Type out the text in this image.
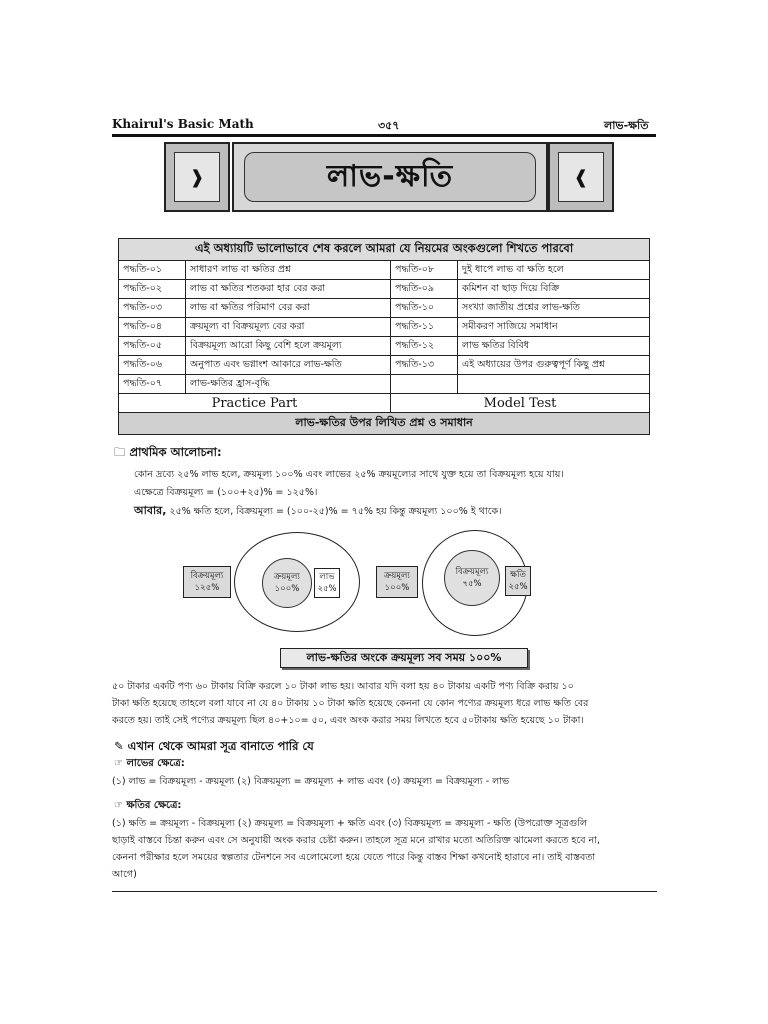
Khairul's Basic Math	৩৫৭	লাভ-ক্ষতি
❱	লাভ-ক্ষতি	❰
এই অধ্যায়টি ভালোভাবে শেষ করলে আমরা যে নিয়মের অংকগুলো শিখতে পারবো			
পদ্ধতি-০১	সাধারণ লাভ বা ক্ষতির প্রশ্ন	পদ্ধতি-০৮	দুই ধাপে লাভ বা ক্ষতি হলে
পদ্ধতি-০২	লাভ বা ক্ষতির শতকরা হার বের করা	পদ্ধতি-০৯	কমিশন বা ছাড় দিয়ে বিক্রি
পদ্ধতি-০৩	লাভ বা ক্ষতির পরিমাণ বের করা	পদ্ধতি-১০	সংখ্যা জাতীয় প্রশ্নের লাভ-ক্ষতি
পদ্ধতি-০৪	ক্রয়মূল্য বা বিক্রয়মূল্য বের করা	পদ্ধতি-১১	সমীকরণ সাজিয়ে সমাধান
পদ্ধতি-০৫	বিক্রয়মূল্য আরো কিছু বেশি হলে ক্রয়মূল্য	পদ্ধতি-১২	লাভ ক্ষতির বিবিধ
পদ্ধতি-০৬	অনুপাত এবং ভগ্নাংশ আকারে লাভ-ক্ষতি	পদ্ধতি-১৩	এই অধ্যায়ের উপর গুরুত্বপূর্ণ কিছু প্রশ্ন
পদ্ধতি-০৭	লাভ-ক্ষতির হ্রাস-বৃদ্ধি		
Practice Part		Model Test	
লাভ-ক্ষতির উপর লিখিত প্রশ্ন ও সমাধান			
🗀 প্রাথমিক আলোচনা:
কোন দ্রব্যে ২৫% লাভ হলে, ক্রয়মূল্য ১০০% এবং লাভের ২৫% ক্রয়মূল্যের সাথে যুক্ত হয়ে তা বিক্রয়মূল্য হয়ে যায়।
এক্ষেত্রে বিক্রয়মূল্য = (১০০+২৫)% = ১২৫%।
আবার, ২৫% ক্ষতি হলে, বিক্রয়মূল্য = (১০০-২৫)% = ৭৫% হয় কিন্তু ক্রয়মূল্য ১০০% ই থাকে।
ক্রয়মূল্য
১০০%
লাভ
২৫%
বিক্রয়মূল্য
১২৫%
বিক্রয়মূল্য
৭৫%
ক্রয়মূল্য
১০০%
ক্ষতি
২৫%
লাভ-ক্ষতির অংকে ক্রয়মূল্য সব সময় ১০০%
৫০ টাকার একটি পণ্য ৬০ টাকায় বিক্রি করলে ১০ টাকা লাভ হয়। আবার যদি বলা হয় ৪০ টাকায় একটি পণ্য বিক্রি করায় ১০
টাকা ক্ষতি হয়েছে তাহলে বলা যাবে না যে ৪০ টাকায় ১০ টাকা ক্ষতি হয়েছে কেননা যে কোন পণ্যের ক্রয়মূল্য ধরে লাভ ক্ষতি বের
করতে হয়। তাই সেই পণ্যের ক্রয়মূল্য ছিল ৪০+১০= ৫০, এবং অংক করার সময় লিখতে হবে ৫০টাকায় ক্ষতি হয়েছে ১০ টাকা।
✎ এখান থেকে আমরা সূত্র বানাতে পারি যে
☞ লাভের ক্ষেত্রে:
(১) লাভ = বিক্রয়মূল্য - ক্রয়মূল্য (২) বিক্রয়মূল্য = ক্রয়মূল্য + লাভ এবং (৩) ক্রয়মূল্য = বিক্রয়মূল্য - লাভ
☞ ক্ষতির ক্ষেত্রে:
(১) ক্ষতি = ক্রয়মূল্য - বিক্রয়মূল্য (২) ক্রয়মূল্য = বিক্রয়মূল্য + ক্ষতি এবং (৩) বিক্রয়মূল্য = ক্রয়মূল্য - ক্ষতি (উপরোক্ত সূত্রগুলি
ছাড়াই বাস্তবে চিন্তা করুন এবং সে অনুযায়ী অংক করার চেষ্টা করুন। তাহলে সূত্র মনে রাখার মতো অতিরিক্ত ঝামেলা করতে হবে না,
কেননা পরীক্ষার হলে সময়ের স্বল্পতার টেনশনে সব এলোমেলো হয়ে যেতে পারে কিন্তু বাস্তব শিক্ষা কখনোই হারাবে না। তাই বাস্তবতা
আগে)
